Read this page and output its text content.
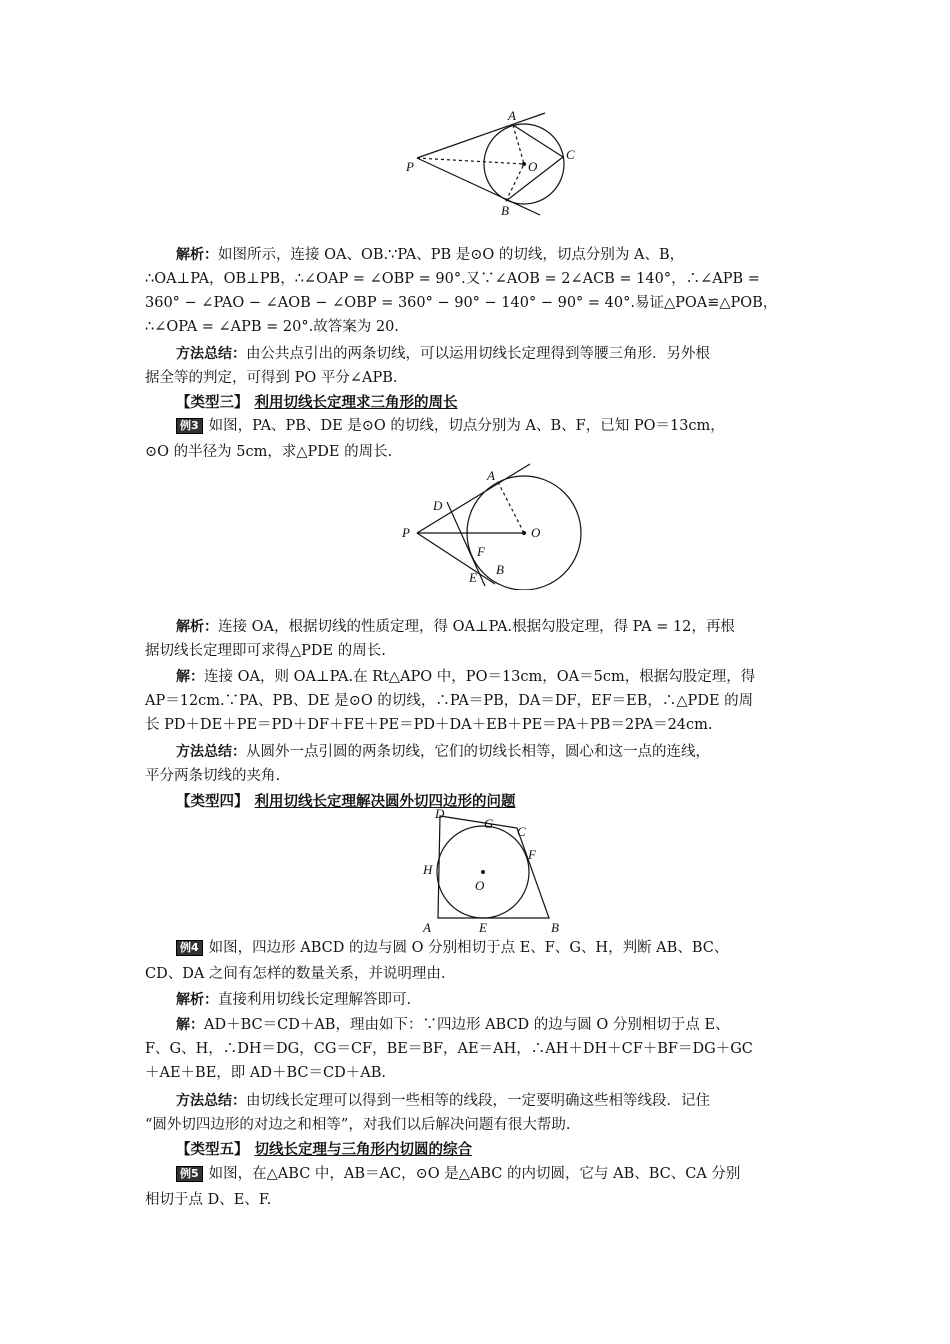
A
B
C
O
P
解析：如图所示，连接 OA、OB.∵PA、PB 是⊙O 的切线，切点分别为 A、B，
∴OA⊥PA，OB⊥PB，∴∠OAP = ∠OBP = 90°.又∵∠AOB = 2∠ACB = 140°，∴∠APB =
360° − ∠PAO − ∠AOB − ∠OBP = 360° − 90° − 140° − 90° = 40°.易证△POA≌△POB，
∴∠OPA = ∠APB = 20°.故答案为 20.
方法总结：由公共点引出的两条切线，可以运用切线长定理得到等腰三角形．另外根
据全等的判定，可得到 PO 平分∠APB.
【类型三】 利用切线长定理求三角形的周长
例3 如图，PA、PB、DE 是⊙O 的切线，切点分别为 A、B、F，已知 PO＝13cm，
⊙O 的半径为 5cm，求△PDE 的周长.
A
D
O
P
F
B
E
解析：连接 OA，根据切线的性质定理，得 OA⊥PA.根据勾股定理，得 PA = 12，再根
据切线长定理即可求得△PDE 的周长.
解：连接 OA，则 OA⊥PA.在 Rt△APO 中，PO＝13cm，OA＝5cm，根据勾股定理，得
AP＝12cm.∵PA、PB、DE 是⊙O 的切线，∴PA＝PB，DA＝DF，EF＝EB，∴△PDE 的周
长 PD＋DE＋PE＝PD＋DF＋FE＋PE＝PD＋DA＋EB＋PE＝PA＋PB＝2PA＝24cm.
方法总结：从圆外一点引圆的两条切线，它们的切线长相等，圆心和这一点的连线，
平分两条切线的夹角.
【类型四】 利用切线长定理解决圆外切四边形的问题
D
G
C
F
H
O
A	E	B
例4 如图，四边形 ABCD 的边与圆 O 分别相切于点 E、F、G、H，判断 AB、BC、
CD、DA 之间有怎样的数量关系，并说明理由.
解析：直接利用切线长定理解答即可.
解：AD＋BC＝CD＋AB，理由如下：∵四边形 ABCD 的边与圆 O 分别相切于点 E、
F、G、H，∴DH＝DG，CG＝CF，BE＝BF，AE＝AH，∴AH＋DH＋CF＋BF＝DG＋GC
＋AE＋BE，即 AD＋BC＝CD＋AB.
方法总结：由切线长定理可以得到一些相等的线段，一定要明确这些相等线段．记住
“圆外切四边形的对边之和相等”，对我们以后解决问题有很大帮助.
【类型五】 切线长定理与三角形内切圆的综合
例5 如图，在△ABC 中，AB＝AC，⊙O 是△ABC 的内切圆，它与 AB、BC、CA 分别
相切于点 D、E、F.
